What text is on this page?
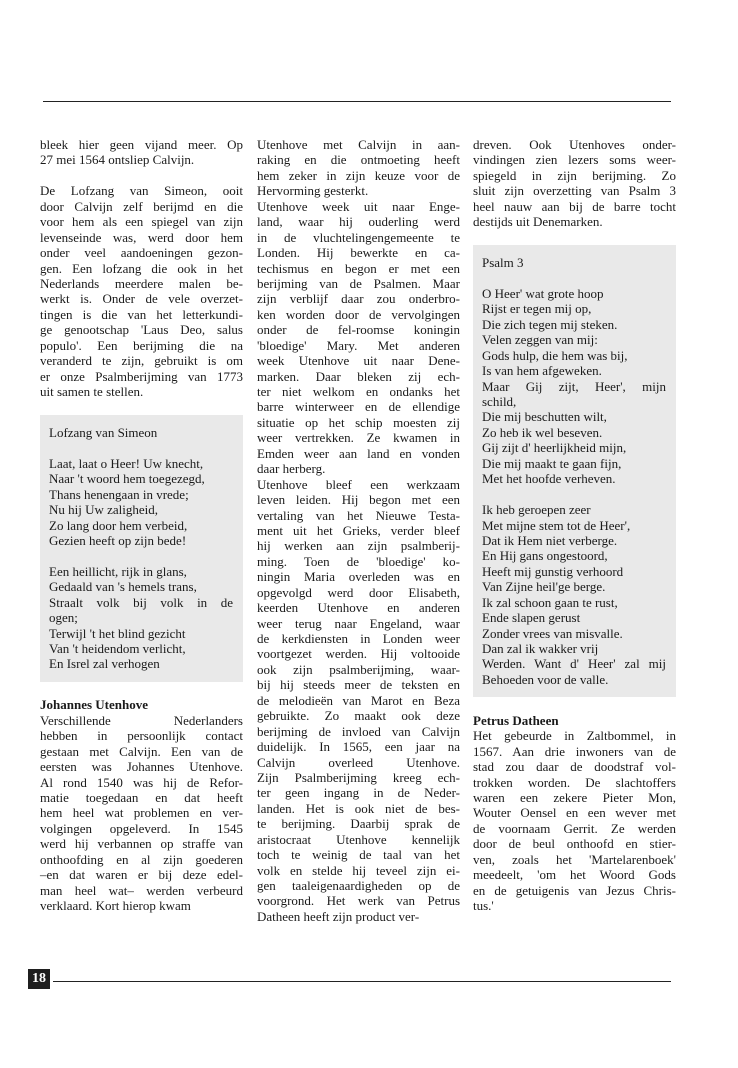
bleek hier geen vijand meer. Op
27 mei 1564 ontsliep Calvijn.
De Lofzang van Simeon, ooit
door Calvijn zelf berijmd en die
voor hem als een spiegel van zijn
levenseinde was, werd door hem
onder veel aandoeningen gezon-
gen. Een lofzang die ook in het
Nederlands meerdere malen be-
werkt is. Onder de vele overzet-
tingen is die van het letterkundi-
ge genootschap 'Laus Deo, salus
populo'. Een berijming die na
veranderd te zijn, gebruikt is om
er onze Psalmberijming van 1773
uit samen te stellen.
Lofzang van Simeon
Laat, laat o Heer! Uw knecht,
Naar 't woord hem toegezegd,
Thans henengaan in vrede;
Nu hij Uw zaligheid,
Zo lang door hem verbeid,
Gezien heeft op zijn bede!
Een heillicht, rijk in glans,
Gedaald van 's hemels trans,
Straalt volk bij volk in de
ogen;
Terwijl 't het blind gezicht
Van 't heidendom verlicht,
En Isrel zal verhogen
Johannes Utenhove
Verschillende Nederlanders
hebben in persoonlijk contact
gestaan met Calvijn. Een van de
eersten was Johannes Utenhove.
Al rond 1540 was hij de Refor-
matie toegedaan en dat heeft
hem heel wat problemen en ver-
volgingen opgeleverd. In 1545
werd hij verbannen op straffe van
onthoofding en al zijn goederen
–en dat waren er bij deze edel-
man heel wat– werden verbeurd
verklaard. Kort hierop kwam
Utenhove met Calvijn in aan-
raking en die ontmoeting heeft
hem zeker in zijn keuze voor de
Hervorming gesterkt.
Utenhove week uit naar Enge-
land, waar hij ouderling werd
in de vluchtelingengemeente te
Londen. Hij bewerkte en ca-
techismus en begon er met een
berijming van de Psalmen. Maar
zijn verblijf daar zou onderbro-
ken worden door de vervolgingen
onder de fel-roomse koningin
'bloedige' Mary. Met anderen
week Utenhove uit naar Dene-
marken. Daar bleken zij ech-
ter niet welkom en ondanks het
barre winterweer en de ellendige
situatie op het schip moesten zij
weer vertrekken. Ze kwamen in
Emden weer aan land en vonden
daar herberg.
Utenhove bleef een werkzaam
leven leiden. Hij begon met een
vertaling van het Nieuwe Testa-
ment uit het Grieks, verder bleef
hij werken aan zijn psalmberij-
ming. Toen de 'bloedige' ko-
ningin Maria overleden was en
opgevolgd werd door Elisabeth,
keerden Utenhove en anderen
weer terug naar Engeland, waar
de kerkdiensten in Londen weer
voortgezet werden. Hij voltooide
ook zijn psalmberijming, waar-
bij hij steeds meer de teksten en
de melodieën van Marot en Beza
gebruikte. Zo maakt ook deze
berijming de invloed van Calvijn
duidelijk. In 1565, een jaar na
Calvijn overleed Utenhove.
Zijn Psalmberijming kreeg ech-
ter geen ingang in de Neder-
landen. Het is ook niet de bes-
te berijming. Daarbij sprak de
aristocraat Utenhove kennelijk
toch te weinig de taal van het
volk en stelde hij teveel zijn ei-
gen taaleigenaardigheden op de
voorgrond. Het werk van Petrus
Datheen heeft zijn product ver-
dreven. Ook Utenhoves onder-
vindingen zien lezers soms weer-
spiegeld in zijn berijming. Zo
sluit zijn overzetting van Psalm 3
heel nauw aan bij de barre tocht
destijds uit Denemarken.
Psalm 3
O Heer' wat grote hoop
Rijst er tegen mij op,
Die zich tegen mij steken.
Velen zeggen van mij:
Gods hulp, die hem was bij,
Is van hem afgeweken.
Maar Gij zijt, Heer', mijn
schild,
Die mij beschutten wilt,
Zo heb ik wel beseven.
Gij zijt d' heerlijkheid mijn,
Die mij maakt te gaan fijn,
Met het hoofde verheven.
Ik heb geroepen zeer
Met mijne stem tot de Heer',
Dat ik Hem niet verberge.
En Hij gans ongestoord,
Heeft mij gunstig verhoord
Van Zijne heil'ge berge.
Ik zal schoon gaan te rust,
Ende slapen gerust
Zonder vrees van misvalle.
Dan zal ik wakker vrij
Werden. Want d' Heer' zal mij
Behoeden voor de valle.
Petrus Datheen
Het gebeurde in Zaltbommel, in
1567. Aan drie inwoners van de
stad zou daar de doodstraf vol-
trokken worden. De slachtoffers
waren een zekere Pieter Mon,
Wouter Oensel en een wever met
de voornaam Gerrit. Ze werden
door de beul onthoofd en stier-
ven, zoals het 'Martelarenboek'
meedeelt, 'om het Woord Gods
en de getuigenis van Jezus Chris-
tus.'
18
